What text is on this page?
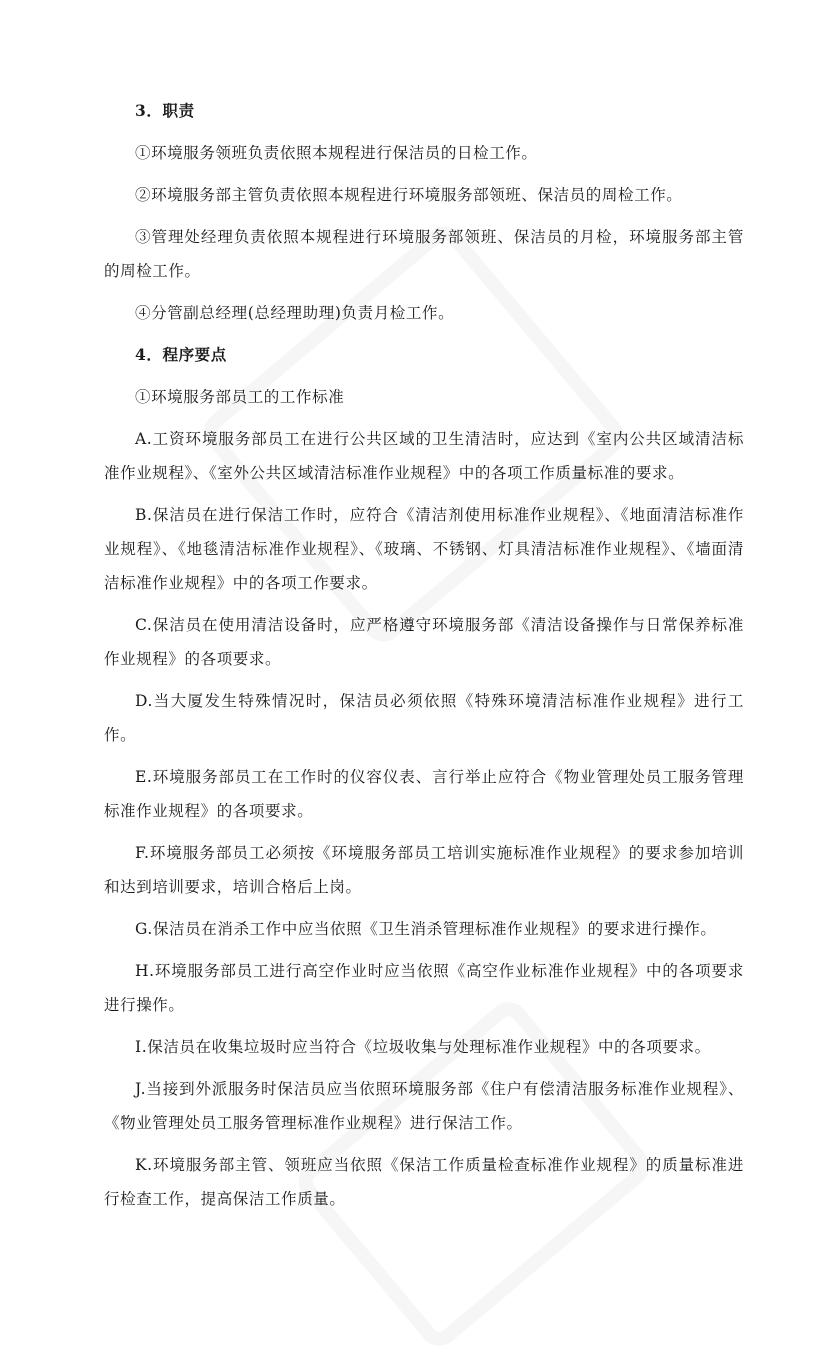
3．职责

①环境服务领班负责依照本规程进行保洁员的日检工作。

②环境服务部主管负责依照本规程进行环境服务部领班、保洁员的周检工作。

③管理处经理负责依照本规程进行环境服务部领班、保洁员的月检，环境服务部主管的周检工作。

④分管副总经理(总经理助理)负责月检工作。

4．程序要点

①环境服务部员工的工作标准

A.工资环境服务部员工在进行公共区域的卫生清洁时，应达到《室内公共区域清洁标准作业规程》、《室外公共区域清洁标准作业规程》中的各项工作质量标准的要求。

B.保洁员在进行保洁工作时，应符合《清洁剂使用标准作业规程》、《地面清洁标准作业规程》、《地毯清洁标准作业规程》、《玻璃、不锈钢、灯具清洁标准作业规程》、《墙面清洁标准作业规程》中的各项工作要求。

C.保洁员在使用清洁设备时，应严格遵守环境服务部《清洁设备操作与日常保养标准作业规程》的各项要求。

D.当大厦发生特殊情况时，保洁员必须依照《特殊环境清洁标准作业规程》进行工作。

E.环境服务部员工在工作时的仪容仪表、言行举止应符合《物业管理处员工服务管理标准作业规程》的各项要求。

F.环境服务部员工必须按《环境服务部员工培训实施标准作业规程》的要求参加培训和达到培训要求，培训合格后上岗。

G.保洁员在消杀工作中应当依照《卫生消杀管理标准作业规程》的要求进行操作。

H.环境服务部员工进行高空作业时应当依照《高空作业标准作业规程》中的各项要求进行操作。

I.保洁员在收集垃圾时应当符合《垃圾收集与处理标准作业规程》中的各项要求。

J.当接到外派服务时保洁员应当依照环境服务部《住户有偿清洁服务标准作业规程》、《物业管理处员工服务管理标准作业规程》进行保洁工作。

K.环境服务部主管、领班应当依照《保洁工作质量检查标准作业规程》的质量标准进行检查工作，提高保洁工作质量。
